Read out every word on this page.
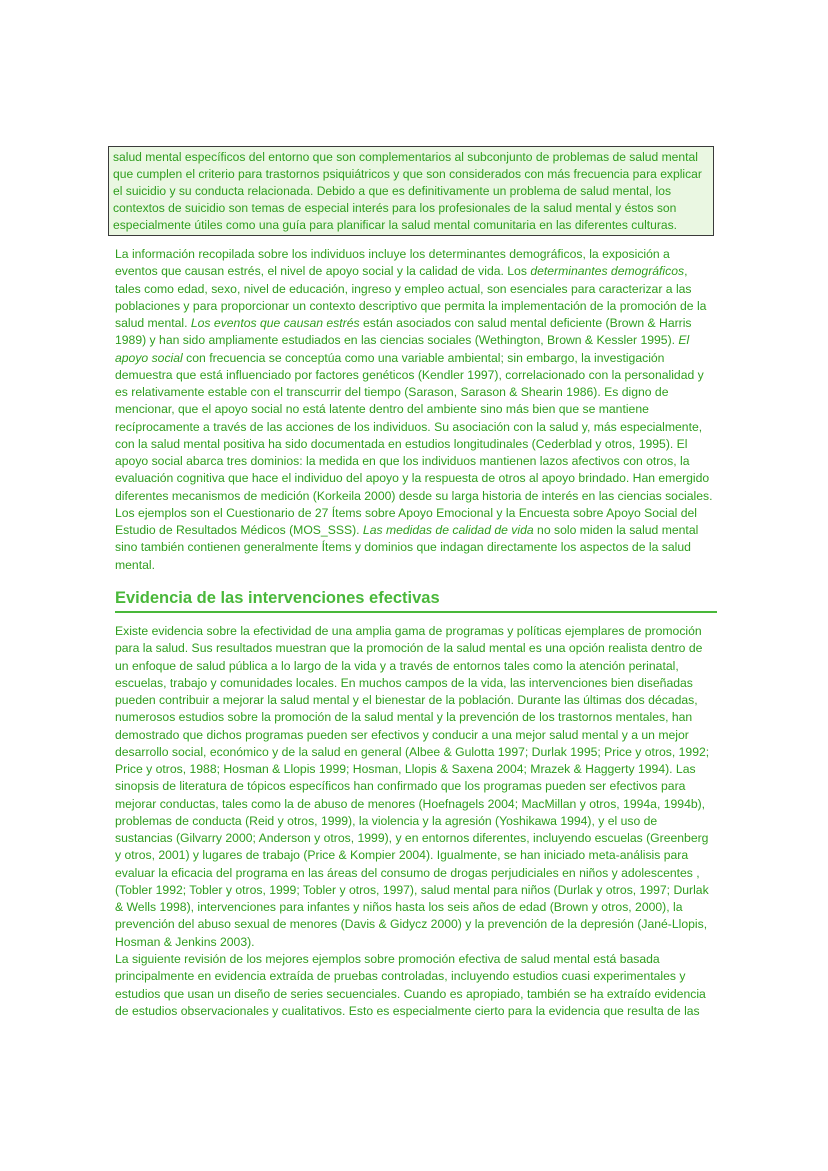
salud mental específicos del entorno que son complementarios al subconjunto de problemas de salud mental que cumplen el criterio para trastornos psiquiátricos y que son considerados con más frecuencia para explicar el suicidio y su conducta relacionada. Debido a que es definitivamente un problema de salud mental, los contextos de suicidio son temas de especial interés para los profesionales de la salud mental y éstos son especialmente útiles como una guía para planificar la salud mental comunitaria en las diferentes culturas.

La información recopilada sobre los individuos incluye los determinantes demográficos, la exposición a eventos que causan estrés, el nivel de apoyo social y la calidad de vida. Los determinantes demográficos, tales como edad, sexo, nivel de educación, ingreso y empleo actual, son esenciales para caracterizar a las poblaciones y para proporcionar un contexto descriptivo que permita la implementación de la promoción de la salud mental. Los eventos que causan estrés están asociados con salud mental deficiente (Brown & Harris 1989) y han sido ampliamente estudiados en las ciencias sociales (Wethington, Brown & Kessler 1995). El apoyo social con frecuencia se conceptúa como una variable ambiental; sin embargo, la investigación demuestra que está influenciado por factores genéticos (Kendler 1997), correlacionado con la personalidad y es relativamente estable con el transcurrir del tiempo (Sarason, Sarason & Shearin 1986). Es digno de mencionar, que el apoyo social no está latente dentro del ambiente sino más bien que se mantiene recíprocamente a través de las acciones de los individuos. Su asociación con la salud y, más especialmente, con la salud mental positiva ha sido documentada en estudios longitudinales (Cederblad y otros, 1995). El apoyo social abarca tres dominios: la medida en que los individuos mantienen lazos afectivos con otros, la evaluación cognitiva que hace el individuo del apoyo y la respuesta de otros al apoyo brindado. Han emergido diferentes mecanismos de medición (Korkeila 2000) desde su larga historia de interés en las ciencias sociales. Los ejemplos son el Cuestionario de 27 Ítems sobre Apoyo Emocional y la Encuesta sobre Apoyo Social del Estudio de Resultados Médicos (MOS_SSS). Las medidas de calidad de vida no solo miden la salud mental sino también contienen generalmente Ítems y dominios que indagan directamente los aspectos de la salud mental.

Evidencia de las intervenciones efectivas

Existe evidencia sobre la efectividad de una amplia gama de programas y políticas ejemplares de promoción para la salud. Sus resultados muestran que la promoción de la salud mental es una opción realista dentro de un enfoque de salud pública a lo largo de la vida y a través de entornos tales como la atención perinatal, escuelas, trabajo y comunidades locales. En muchos campos de la vida, las intervenciones bien diseñadas pueden contribuir a mejorar la salud mental y el bienestar de la población. Durante las últimas dos décadas, numerosos estudios sobre la promoción de la salud mental y la prevención de los trastornos mentales, han demostrado que dichos programas pueden ser efectivos y conducir a una mejor salud mental y a un mejor desarrollo social, económico y de la salud en general (Albee & Gulotta 1997; Durlak 1995; Price y otros, 1992; Price y otros, 1988; Hosman & Llopis 1999; Hosman, Llopis & Saxena 2004; Mrazek & Haggerty 1994). Las sinopsis de literatura de tópicos específicos han confirmado que los programas pueden ser efectivos para mejorar conductas, tales como la de abuso de menores (Hoefnagels 2004; MacMillan y otros, 1994a, 1994b), problemas de conducta (Reid y otros, 1999), la violencia y la agresión (Yoshikawa 1994), y el uso de sustancias (Gilvarry 2000; Anderson y otros, 1999), y en entornos diferentes, incluyendo escuelas (Greenberg y otros, 2001) y lugares de trabajo (Price & Kompier 2004). Igualmente, se han iniciado meta-análisis para evaluar la eficacia del programa en las áreas del consumo de drogas perjudiciales en niños y adolescentes , (Tobler 1992; Tobler y otros, 1999; Tobler y otros, 1997), salud mental para niños (Durlak y otros, 1997; Durlak & Wells 1998), intervenciones para infantes y niños hasta los seis años de edad (Brown y otros, 2000), la prevención del abuso sexual de menores (Davis & Gidycz 2000) y la prevención de la depresión (Jané-Llopis, Hosman & Jenkins 2003).

La siguiente revisión de los mejores ejemplos sobre promoción efectiva de salud mental está basada principalmente en evidencia extraída de pruebas controladas, incluyendo estudios cuasi experimentales y estudios que usan un diseño de series secuenciales. Cuando es apropiado, también se ha extraído evidencia de estudios observacionales y cualitativos. Esto es especialmente cierto para la evidencia que resulta de las
